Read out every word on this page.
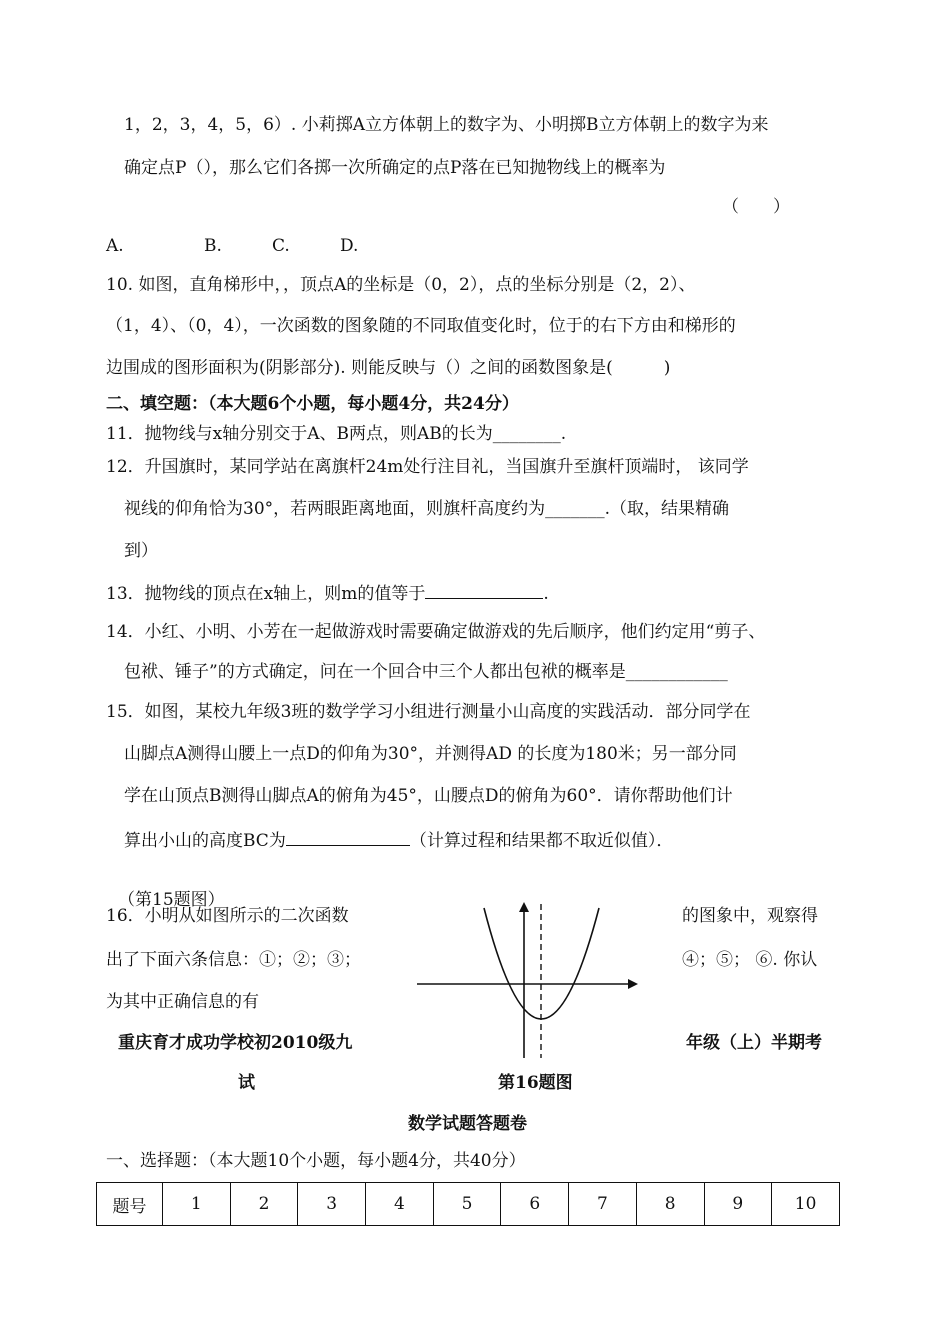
1，2，3，4，5，6）. 小莉掷A立方体朝上的数字为、小明掷B立方体朝上的数字为来
确定点P（），那么它们各掷一次所确定的点P落在已知抛物线上的概率为
（　　）
A.	B.	C.	D.
10. 如图，直角梯形中，，顶点A的坐标是（0，2），点的坐标分别是（2，2）、
（1，4）、（0，4），一次函数的图象随的不同取值变化时，位于的右下方由和梯形的
边围成的图形面积为(阴影部分). 则能反映与（）之间的函数图象是(　　　)
二、填空题：（本大题6个小题，每小题4分，共24分）
11．抛物线与x轴分别交于A、B两点，则AB的长为________.
12．升国旗时，某同学站在离旗杆24m处行注目礼，当国旗升至旗杆顶端时， 该同学
视线的仰角恰为30°，若两眼距离地面，则旗杆高度约为_______.（取，结果精确
到）
13．抛物线的顶点在x轴上，则m的值等于	.
14．小红、小明、小芳在一起做游戏时需要确定做游戏的先后顺序，他们约定用“剪子、
包袱、锤子”的方式确定，问在一个回合中三个人都出包袱的概率是____________
15．如图，某校九年级3班的数学学习小组进行测量小山高度的实践活动．部分同学在
山脚点A测得山腰上一点D的仰角为30°，并测得AD 的长度为180米；另一部分同
学在山顶点B测得山脚点A的俯角为45°，山腰点D的俯角为60°．请你帮助他们计
算出小山的高度BC为	（计算过程和结果都不取近似值）．
（第15题图）
16．小明从如图所示的二次函数	的图象中，观察得
出了下面六条信息：①；②；③；	④；⑤； ⑥. 你认
为其中正确信息的有
重庆育才成功学校初2010级九	年级（上）半期考
试	第16题图
数学试题答题卷
一、选择题：（本大题10个小题，每小题4分，共40分）
题号	1	2	3	4	5	6	7	8	9	10
